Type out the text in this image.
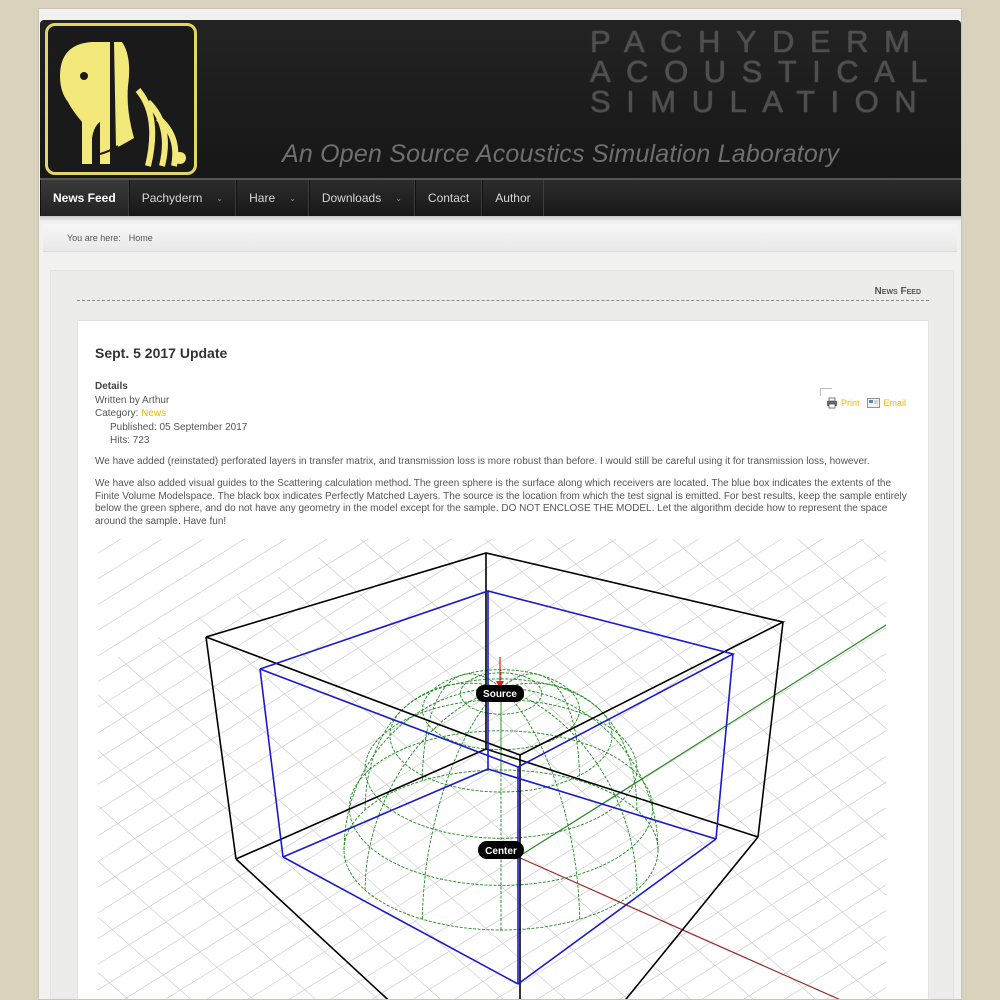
PACHYDERM
ACOUSTICAL
SIMULATION
An Open Source Acoustics Simulation Laboratory
News Feed Pachyderm ⌄ Hare ⌄ Downloads ⌄ Contact Author
You are here: Home
News Feed
Sept. 5 2017 Update
Details
Written by Arthur
Category: News
Published: 05 September 2017
Hits: 723
Print	Email
We have added (reinstated) perforated layers in transfer matrix, and transmission loss is more robust than before. I would still be careful using it for transmission loss, however.
We have also added visual guides to the Scattering calculation method. The green sphere is the surface along which receivers are located. The blue box indicates the extents of the Finite Volume Modelspace. The black box indicates Perfectly Matched Layers. The source is the location from which the test signal is emitted. For best results, keep the sample entirely below the green sphere, and do not have any geometry in the model except for the sample. DO NOT ENCLOSE THE MODEL. Let the algorithm decide how to represent the space around the sample. Have fun!
Source
Center
